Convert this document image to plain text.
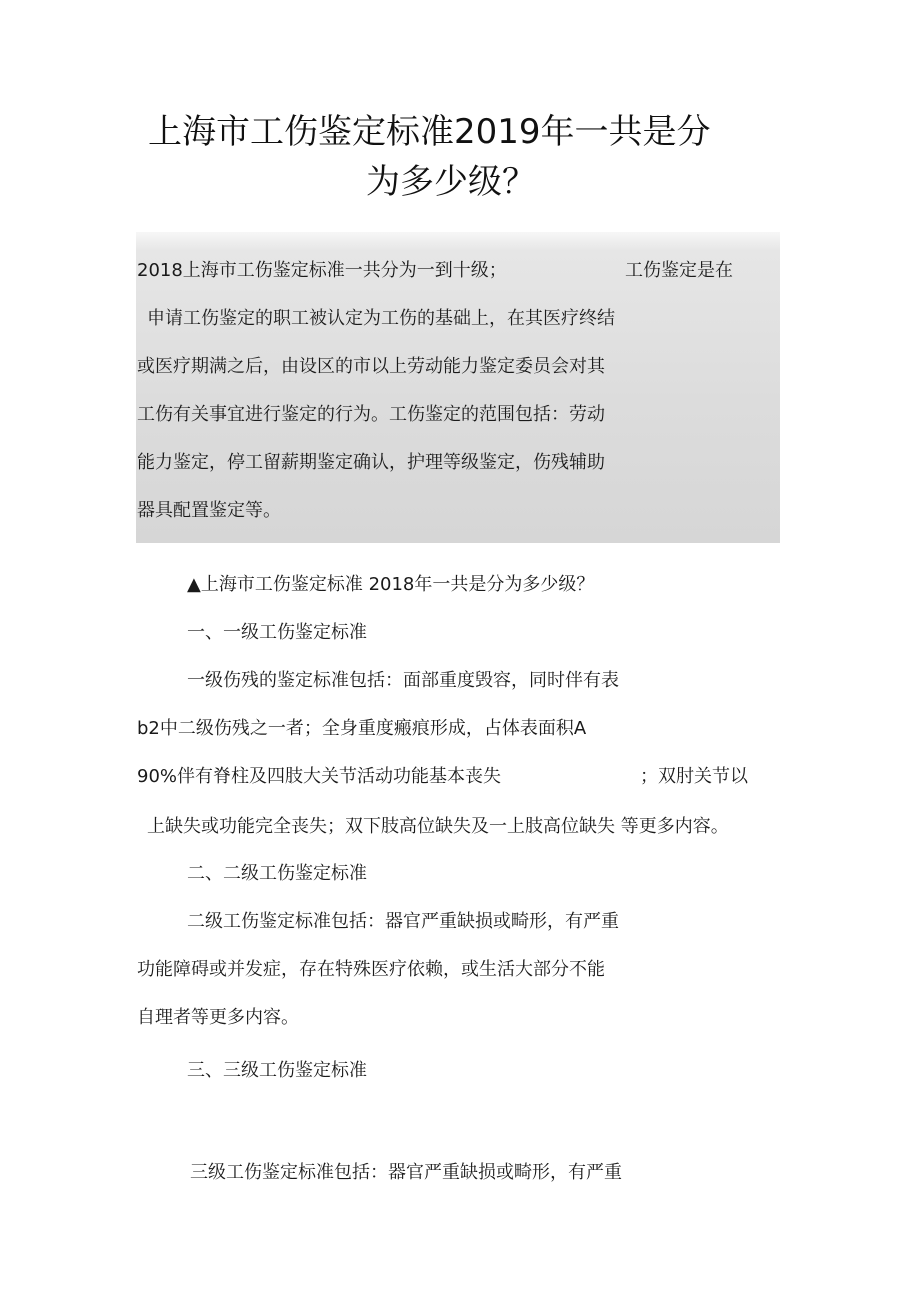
上海市工伤鉴定标准2019年一共是分
为多少级？
2018上海市工伤鉴定标准一共分为一到十级；	工伤鉴定是在
申请工伤鉴定的职工被认定为工伤的基础上，在其医疗终结
或医疗期满之后，由设区的市以上劳动能力鉴定委员会对其
工伤有关事宜进行鉴定的行为。工伤鉴定的范围包括：劳动
能力鉴定，停工留薪期鉴定确认，护理等级鉴定，伤残辅助
器具配置鉴定等。
▲上海市工伤鉴定标准 2018年一共是分为多少级？
一、一级工伤鉴定标准
一级伤残的鉴定标准包括：面部重度毁容，同时伴有表
b2中二级伤残之一者；全身重度瘢痕形成，占体表面积A
90%伴有脊柱及四肢大关节活动功能基本丧失	；双肘关节以
上缺失或功能完全丧失；双下肢高位缺失及一上肢高位缺失 等更多内容。
二、二级工伤鉴定标准
二级工伤鉴定标准包括：器官严重缺损或畸形，有严重
功能障碍或并发症，存在特殊医疗依赖，或生活大部分不能
自理者等更多内容。
三、三级工伤鉴定标准
三级工伤鉴定标准包括：器官严重缺损或畸形，有严重
